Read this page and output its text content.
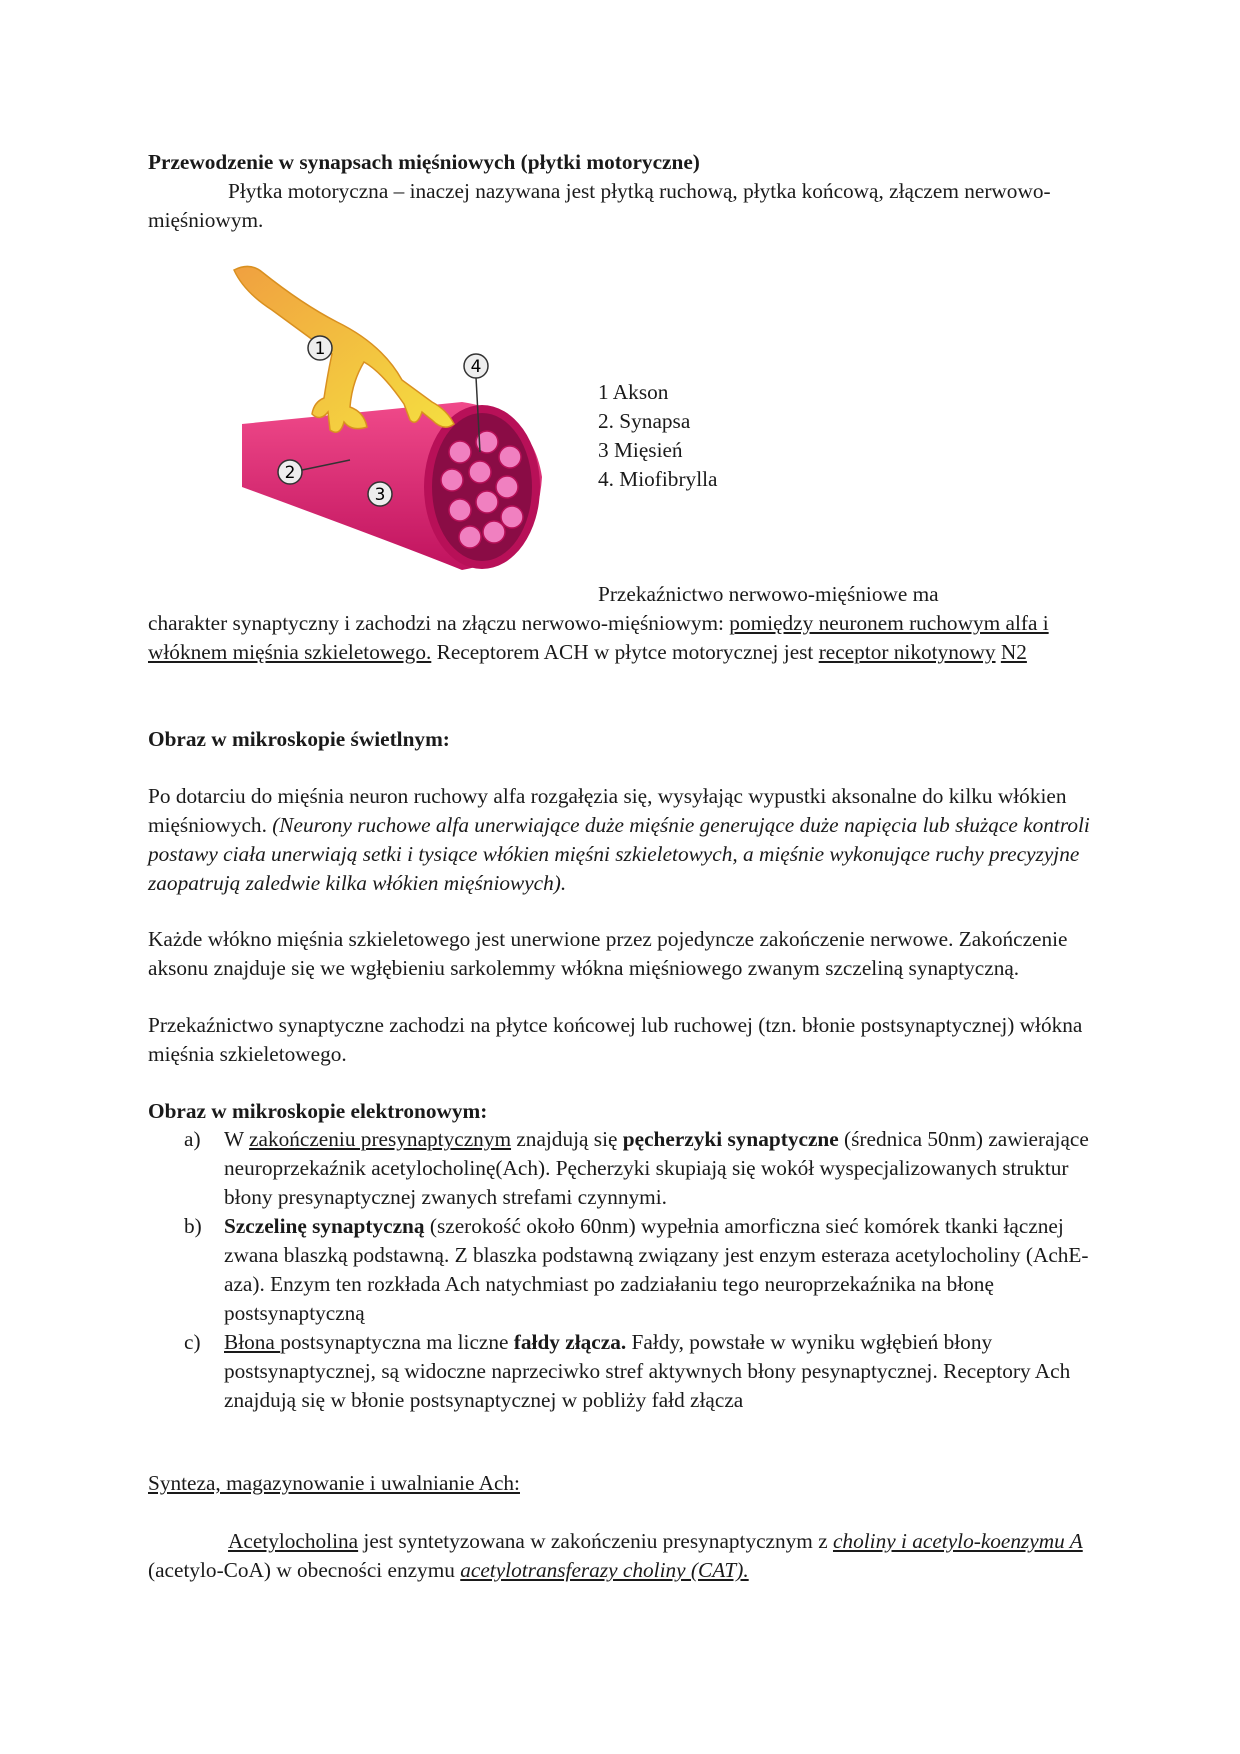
Przewodzenie w synapsach mięśniowych (płytki motoryczne)

Płytka motoryczna – inaczej nazywana jest płytką ruchową, płytka końcową, złączem nerwowo-mięśniowym.

1
2
3
4
1 Akson
2. Synapsa
3 Mięsień
4. Miofibrylla

Przekaźnictwo nerwowo-mięśniowe ma

charakter synaptyczny i zachodzi na złączu nerwowo-mięśniowym: pomiędzy neuronem ruchowym alfa i włóknem mięśnia szkieletowego. Receptorem ACH w płytce motorycznej jest receptor nikotynowy N2

Obraz w mikroskopie świetlnym:

Po dotarciu do mięśnia neuron ruchowy alfa rozgałęzia się, wysyłając wypustki aksonalne do kilku włókien mięśniowych. (Neurony ruchowe alfa unerwiające duże mięśnie generujące duże napięcia lub służące kontroli postawy ciała unerwiają setki i tysiące włókien mięśni szkieletowych, a mięśnie wykonujące ruchy precyzyjne zaopatrują zaledwie kilka włókien mięśniowych).

Każde włókno mięśnia szkieletowego jest unerwione przez pojedyncze zakończenie nerwowe. Zakończenie aksonu znajduje się we wgłębieniu sarkolemmy włókna mięśniowego zwanym szczeliną synaptyczną.

Przekaźnictwo synaptyczne zachodzi na płytce końcowej lub ruchowej (tzn. błonie postsynaptycznej) włókna mięśnia szkieletowego.

Obraz w mikroskopie elektronowym:

a) W zakończeniu presynaptycznym znajdują się pęcherzyki synaptyczne (średnica 50nm) zawierające neuroprzekaźnik acetylocholinę(Ach). Pęcherzyki skupiają się wokół wyspecjalizowanych struktur błony presynaptycznej zwanych strefami czynnymi.
b) Szczelinę synaptyczną (szerokość około 60nm) wypełnia amorficzna sieć komórek tkanki łącznej zwana blaszką podstawną. Z blaszka podstawną związany jest enzym esteraza acetylocholiny (AchE-aza). Enzym ten rozkłada Ach natychmiast po zadziałaniu tego neuroprzekaźnika na błonę postsynaptyczną
c) Błona postsynaptyczna ma liczne fałdy złącza. Fałdy, powstałe w wyniku wgłębień błony postsynaptycznej, są widoczne naprzeciwko stref aktywnych błony pesynaptycznej. Receptory Ach znajdują się w błonie postsynaptycznej w pobliży fałd złącza

Synteza, magazynowanie i uwalnianie Ach:

Acetylocholina jest syntetyzowana w zakończeniu presynaptycznym z choliny i acetylo-koenzymu A (acetylo-CoA) w obecności enzymu acetylotransferazy choliny (CAT).
